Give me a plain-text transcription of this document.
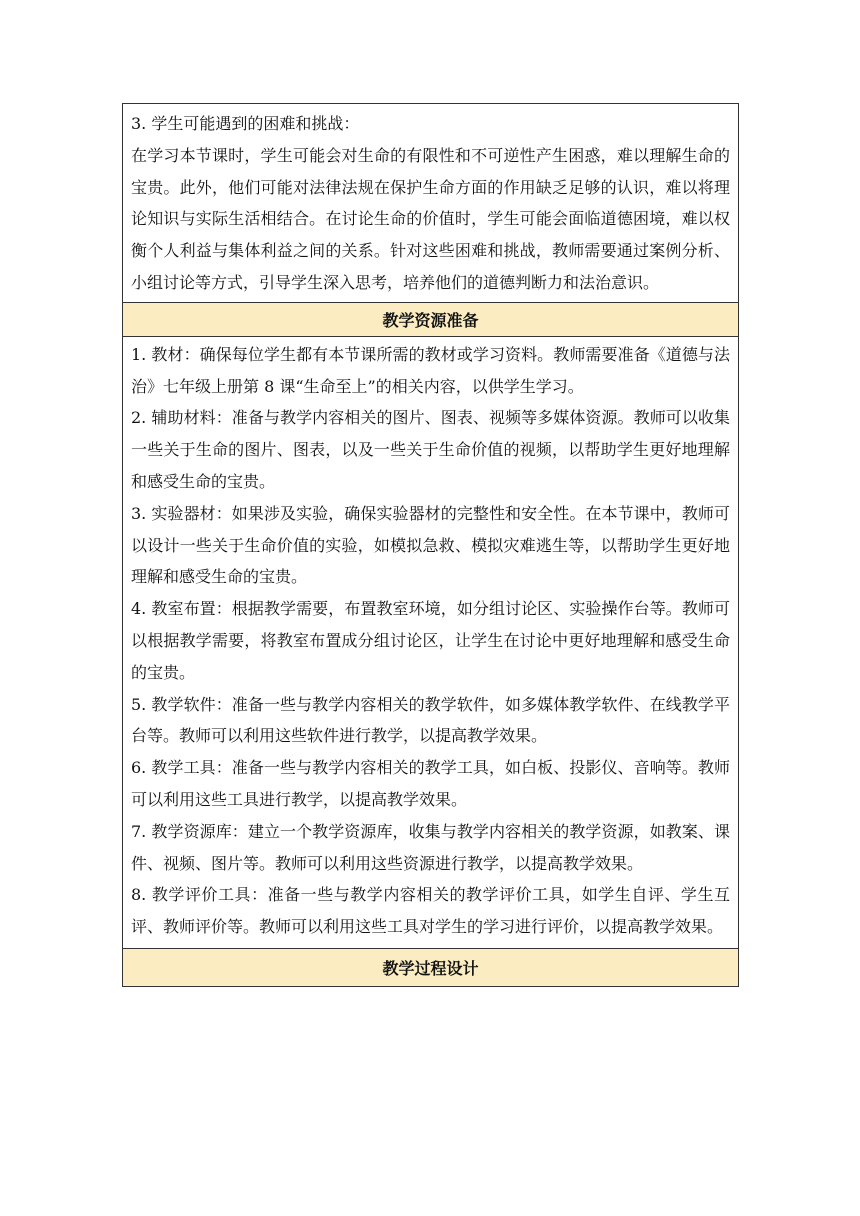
3. 学生可能遇到的困难和挑战：

在学习本节课时，学生可能会对生命的有限性和不可逆性产生困惑，难以理解生命的宝贵。此外，他们可能对法律法规在保护生命方面的作用缺乏足够的认识，难以将理论知识与实际生活相结合。在讨论生命的价值时，学生可能会面临道德困境，难以权衡个人利益与集体利益之间的关系。针对这些困难和挑战，教师需要通过案例分析、小组讨论等方式，引导学生深入思考，培养他们的道德判断力和法治意识。

教学资源准备

1. 教材：确保每位学生都有本节课所需的教材或学习资料。教师需要准备《道德与法治》七年级上册第 8 课“生命至上”的相关内容，以供学生学习。

2. 辅助材料：准备与教学内容相关的图片、图表、视频等多媒体资源。教师可以收集一些关于生命的图片、图表，以及一些关于生命价值的视频，以帮助学生更好地理解和感受生命的宝贵。

3. 实验器材：如果涉及实验，确保实验器材的完整性和安全性。在本节课中，教师可以设计一些关于生命价值的实验，如模拟急救、模拟灾难逃生等，以帮助学生更好地理解和感受生命的宝贵。

4. 教室布置：根据教学需要，布置教室环境，如分组讨论区、实验操作台等。教师可以根据教学需要，将教室布置成分组讨论区，让学生在讨论中更好地理解和感受生命的宝贵。

5. 教学软件：准备一些与教学内容相关的教学软件，如多媒体教学软件、在线教学平台等。教师可以利用这些软件进行教学，以提高教学效果。

6. 教学工具：准备一些与教学内容相关的教学工具，如白板、投影仪、音响等。教师可以利用这些工具进行教学，以提高教学效果。

7. 教学资源库：建立一个教学资源库，收集与教学内容相关的教学资源，如教案、课件、视频、图片等。教师可以利用这些资源进行教学，以提高教学效果。

8. 教学评价工具：准备一些与教学内容相关的教学评价工具，如学生自评、学生互评、教师评价等。教师可以利用这些工具对学生的学习进行评价，以提高教学效果。

教学过程设计
